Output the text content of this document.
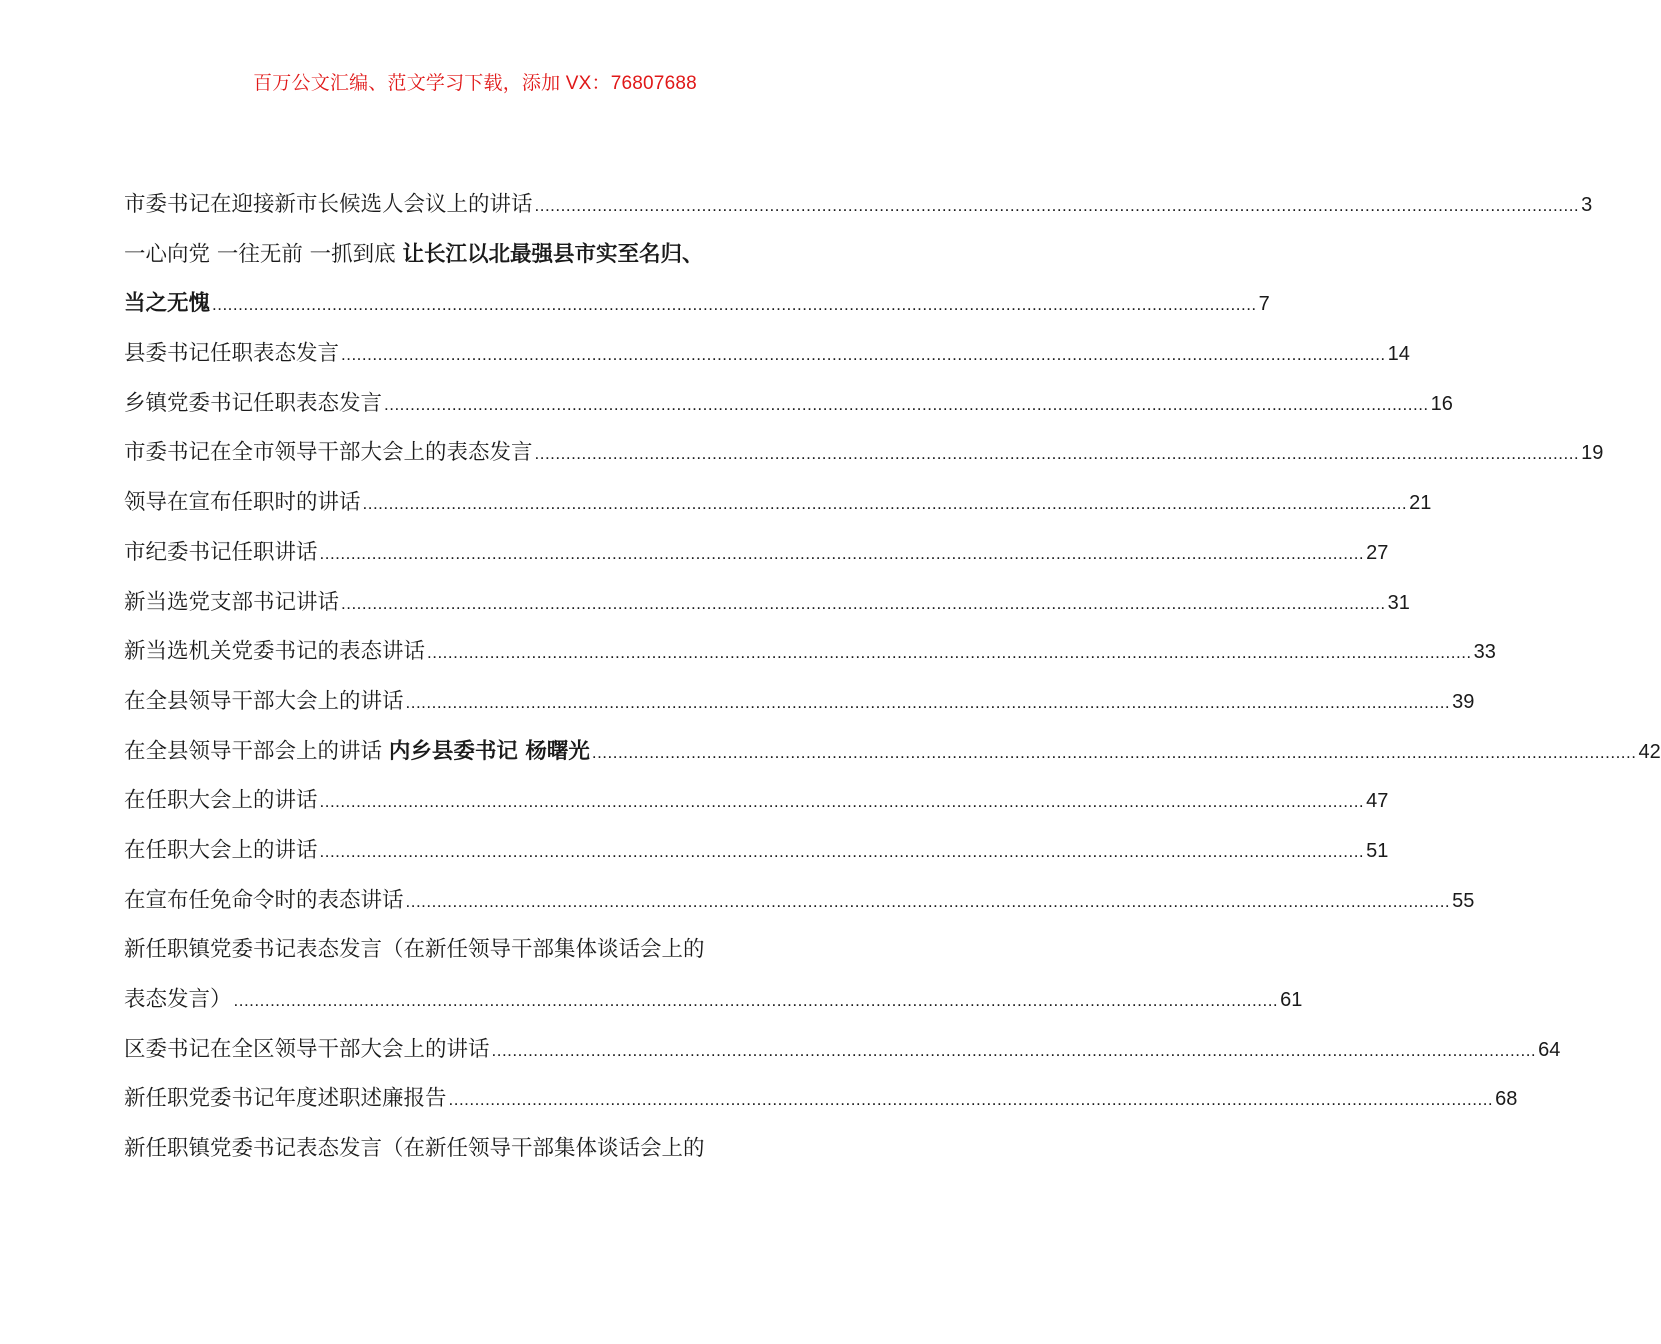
百万公文汇编、范文学习下载，添加 VX：76807688
市委书记在迎接新市长候选人会议上的讲话 ........................................................................................................................................................................................................ 3
一心向党 一往无前 一抓到底 让长江以北最强县市实至名归、
当之无愧 ........................................................................................................................................................................................................ 7
县委书记任职表态发言 ........................................................................................................................................................................................................ 14
乡镇党委书记任职表态发言 ........................................................................................................................................................................................................ 16
市委书记在全市领导干部大会上的表态发言 ........................................................................................................................................................................................................ 19
领导在宣布任职时的讲话 ........................................................................................................................................................................................................ 21
市纪委书记任职讲话 ........................................................................................................................................................................................................ 27
新当选党支部书记讲话 ........................................................................................................................................................................................................ 31
新当选机关党委书记的表态讲话 ........................................................................................................................................................................................................ 33
在全县领导干部大会上的讲话 ........................................................................................................................................................................................................ 39
在全县领导干部会上的讲话 内乡县委书记 杨曙光 ........................................................................................................................................................................................................ 42
在任职大会上的讲话 ........................................................................................................................................................................................................ 47
在任职大会上的讲话 ........................................................................................................................................................................................................ 51
在宣布任免命令时的表态讲话 ........................................................................................................................................................................................................ 55
新任职镇党委书记表态发言（在新任领导干部集体谈话会上的
表态发言） ........................................................................................................................................................................................................ 61
区委书记在全区领导干部大会上的讲话 ........................................................................................................................................................................................................ 64
新任职党委书记年度述职述廉报告 ........................................................................................................................................................................................................ 68
新任职镇党委书记表态发言（在新任领导干部集体谈话会上的
